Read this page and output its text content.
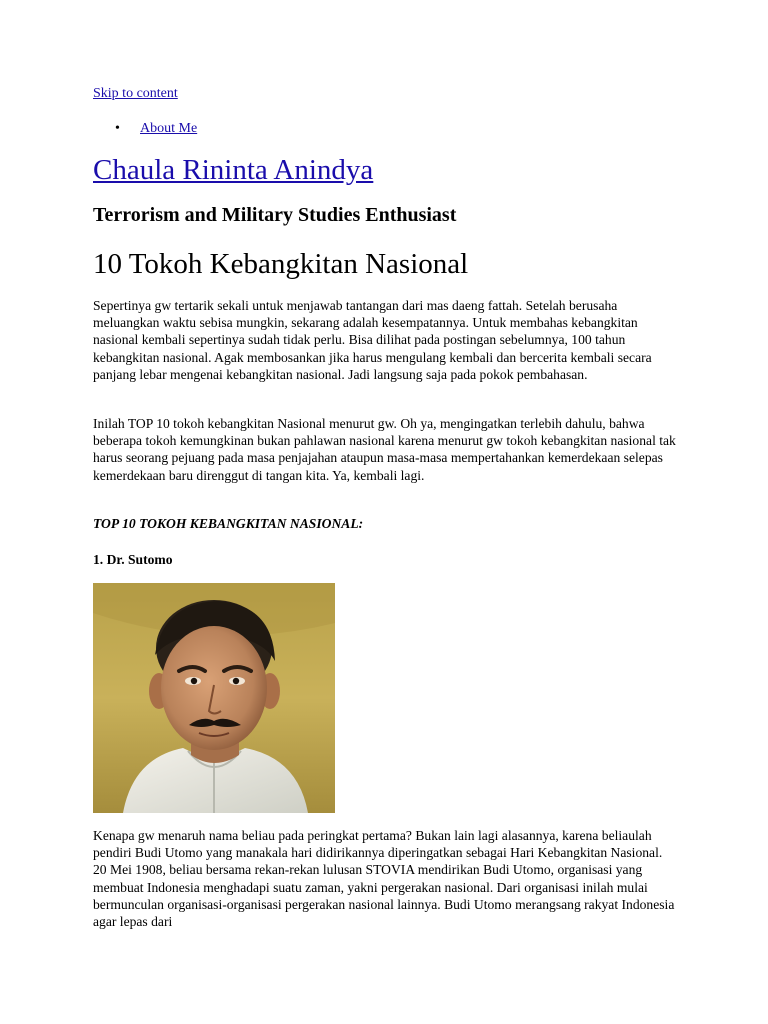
Skip to content
• About Me
Chaula Rininta Anindya
Terrorism and Military Studies Enthusiast
10 Tokoh Kebangkitan Nasional

Sepertinya gw tertarik sekali untuk menjawab tantangan dari mas daeng fattah. Setelah berusaha meluangkan waktu sebisa mungkin, sekarang adalah kesempatannya. Untuk membahas kebangkitan nasional kembali sepertinya sudah tidak perlu. Bisa dilihat pada postingan sebelumnya, 100 tahun kebangkitan nasional. Agak membosankan jika harus mengulang kembali dan bercerita kembali secara panjang lebar mengenai kebangkitan nasional. Jadi langsung saja pada pokok pembahasan.

Inilah TOP 10 tokoh kebangkitan Nasional menurut gw. Oh ya, mengingatkan terlebih dahulu, bahwa beberapa tokoh kemungkinan bukan pahlawan nasional karena menurut gw tokoh kebangkitan nasional tak harus seorang pejuang pada masa penjajahan ataupun masa-masa mempertahankan kemerdekaan selepas kemerdekaan baru direnggut di tangan kita. Ya, kembali lagi.

TOP 10 TOKOH KEBANGKITAN NASIONAL:

1. Dr. Sutomo

Kenapa gw menaruh nama beliau pada peringkat pertama? Bukan lain lagi alasannya, karena beliaulah pendiri Budi Utomo yang manakala hari didirikannya diperingatkan sebagai Hari Kebangkitan Nasional. 20 Mei 1908, beliau bersama rekan-rekan lulusan STOVIA mendirikan Budi Utomo, organisasi yang membuat Indonesia menghadapi suatu zaman, yakni pergerakan nasional. Dari organisasi inilah mulai bermunculan organisasi-organisasi pergerakan nasional lainnya. Budi Utomo merangsang rakyat Indonesia agar lepas dari
